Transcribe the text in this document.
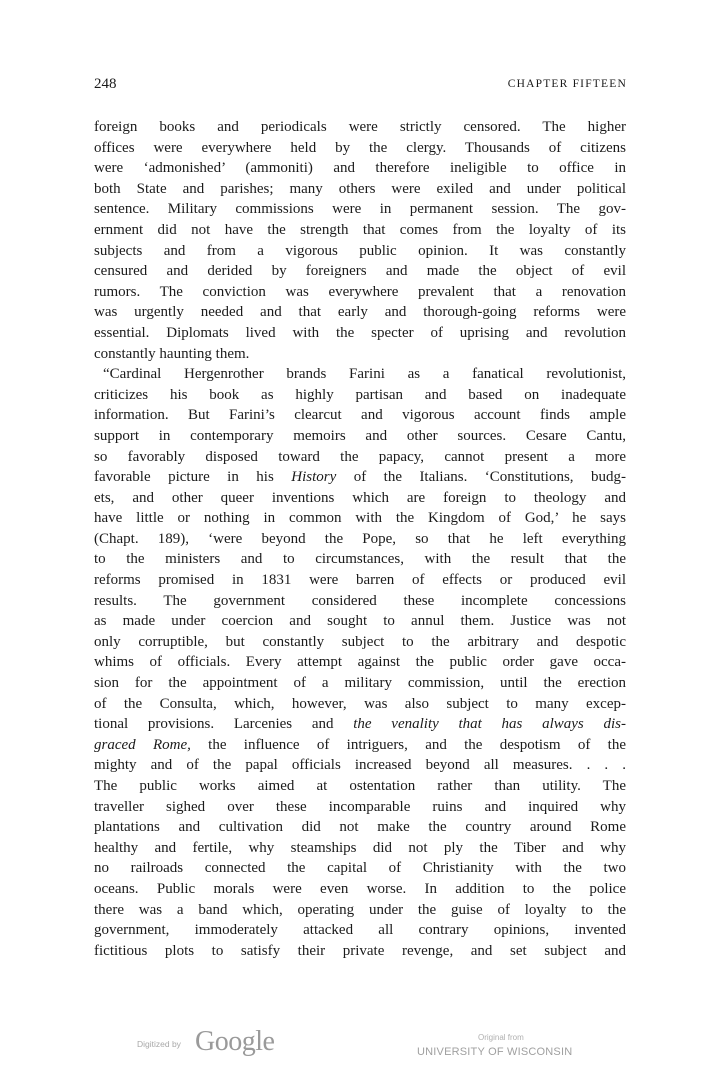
248	CHAPTER FIFTEEN
foreign books and periodicals were strictly censored. The higher
offices were everywhere held by the clergy. Thousands of citizens
were ‘admonished’ (ammoniti) and therefore ineligible to office in
both State and parishes; many others were exiled and under political
sentence. Military commissions were in permanent session. The gov-
ernment did not have the strength that comes from the loyalty of its
subjects and from a vigorous public opinion. It was constantly
censured and derided by foreigners and made the object of evil
rumors. The conviction was everywhere prevalent that a renovation
was urgently needed and that early and thorough-going reforms were
essential. Diplomats lived with the specter of uprising and revolution
constantly haunting them.
“Cardinal Hergenrother brands Farini as a fanatical revolutionist,
criticizes his book as highly partisan and based on inadequate
information. But Farini’s clearcut and vigorous account finds ample
support in contemporary memoirs and other sources. Cesare Cantu,
so favorably disposed toward the papacy, cannot present a more
favorable picture in his History of the Italians. ‘Constitutions, budg-
ets, and other queer inventions which are foreign to theology and
have little or nothing in common with the Kingdom of God,’ he says
(Chapt. 189), ‘were beyond the Pope, so that he left everything
to the ministers and to circumstances, with the result that the
reforms promised in 1831 were barren of effects or produced evil
results. The government considered these incomplete concessions
as made under coercion and sought to annul them. Justice was not
only corruptible, but constantly subject to the arbitrary and despotic
whims of officials. Every attempt against the public order gave occa-
sion for the appointment of a military commission, until the erection
of the Consulta, which, however, was also subject to many excep-
tional provisions. Larcenies and the venality that has always dis-
graced Rome, the influence of intriguers, and the despotism of the
mighty and of the papal officials increased beyond all measures. . . .
The public works aimed at ostentation rather than utility. The
traveller sighed over these incomparable ruins and inquired why
plantations and cultivation did not make the country around Rome
healthy and fertile, why steamships did not ply the Tiber and why
no railroads connected the capital of Christianity with the two
oceans. Public morals were even worse. In addition to the police
there was a band which, operating under the guise of loyalty to the
government, immoderately attacked all contrary opinions, invented
fictitious plots to satisfy their private revenge, and set subject and
Digitized by Google	Original from
UNIVERSITY OF WISCONSIN
